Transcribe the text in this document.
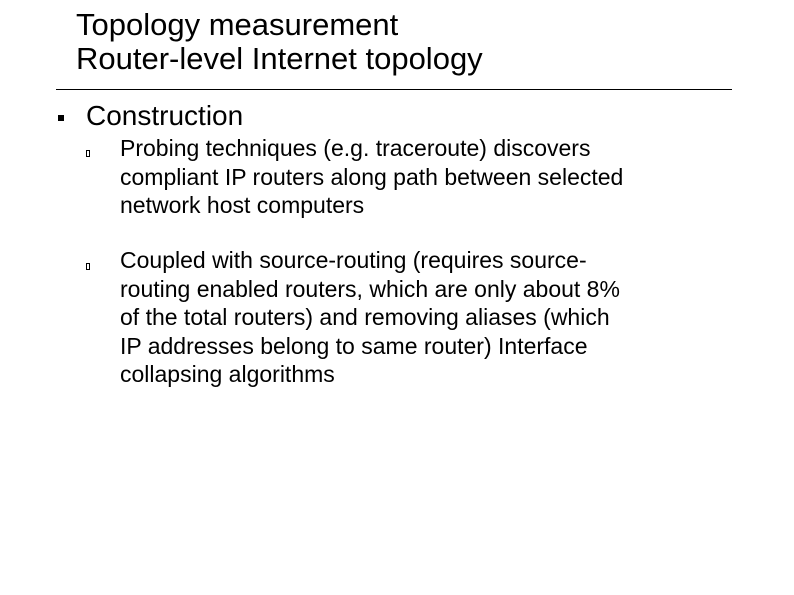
Topology measurement
Router-level Internet topology
Construction
Probing techniques (e.g. traceroute) discovers
compliant IP routers along path between selected
network host computers
Coupled with source-routing (requires source-
routing enabled routers, which are only about 8%
of the total routers) and removing aliases (which
IP addresses belong to same router) Interface
collapsing algorithms
